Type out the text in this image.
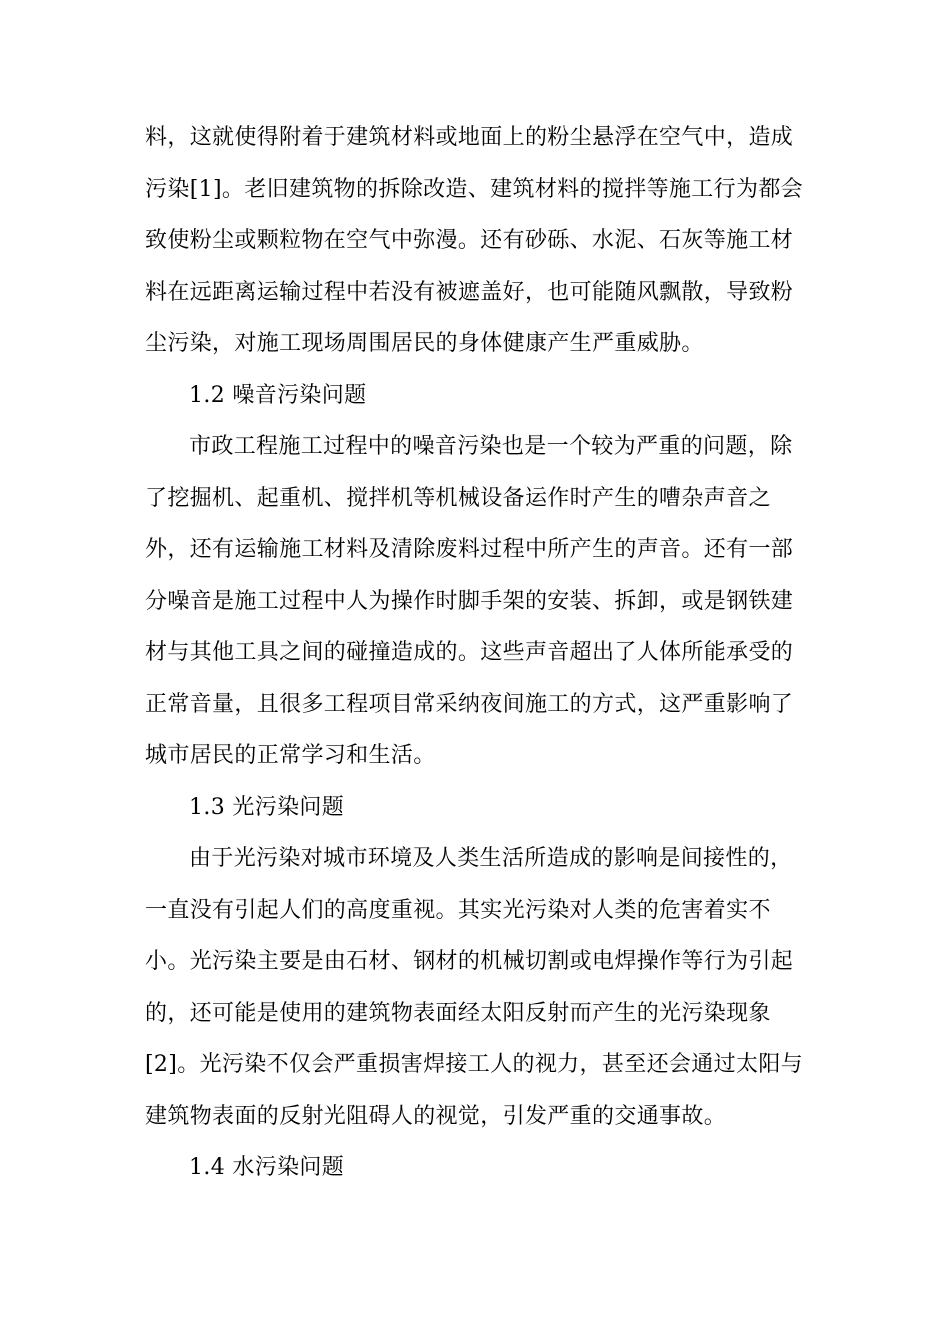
料，这就使得附着于建筑材料或地面上的粉尘悬浮在空气中，造成
污染[1]。老旧建筑物的拆除改造、建筑材料的搅拌等施工行为都会
致使粉尘或颗粒物在空气中弥漫。还有砂砾、水泥、石灰等施工材
料在远距离运输过程中若没有被遮盖好，也可能随风飘散，导致粉
尘污染，对施工现场周围居民的身体健康产生严重威胁。
1.2 噪音污染问题
市政工程施工过程中的噪音污染也是一个较为严重的问题，除
了挖掘机、起重机、搅拌机等机械设备运作时产生的嘈杂声音之
外，还有运输施工材料及清除废料过程中所产生的声音。还有一部
分噪音是施工过程中人为操作时脚手架的安装、拆卸，或是钢铁建
材与其他工具之间的碰撞造成的。这些声音超出了人体所能承受的
正常音量，且很多工程项目常采纳夜间施工的方式，这严重影响了
城市居民的正常学习和生活。
1.3 光污染问题
由于光污染对城市环境及人类生活所造成的影响是间接性的，
一直没有引起人们的高度重视。其实光污染对人类的危害着实不
小。光污染主要是由石材、钢材的机械切割或电焊操作等行为引起
的，还可能是使用的建筑物表面经太阳反射而产生的光污染现象
[2]。光污染不仅会严重损害焊接工人的视力，甚至还会通过太阳与
建筑物表面的反射光阻碍人的视觉，引发严重的交通事故。
1.4 水污染问题
